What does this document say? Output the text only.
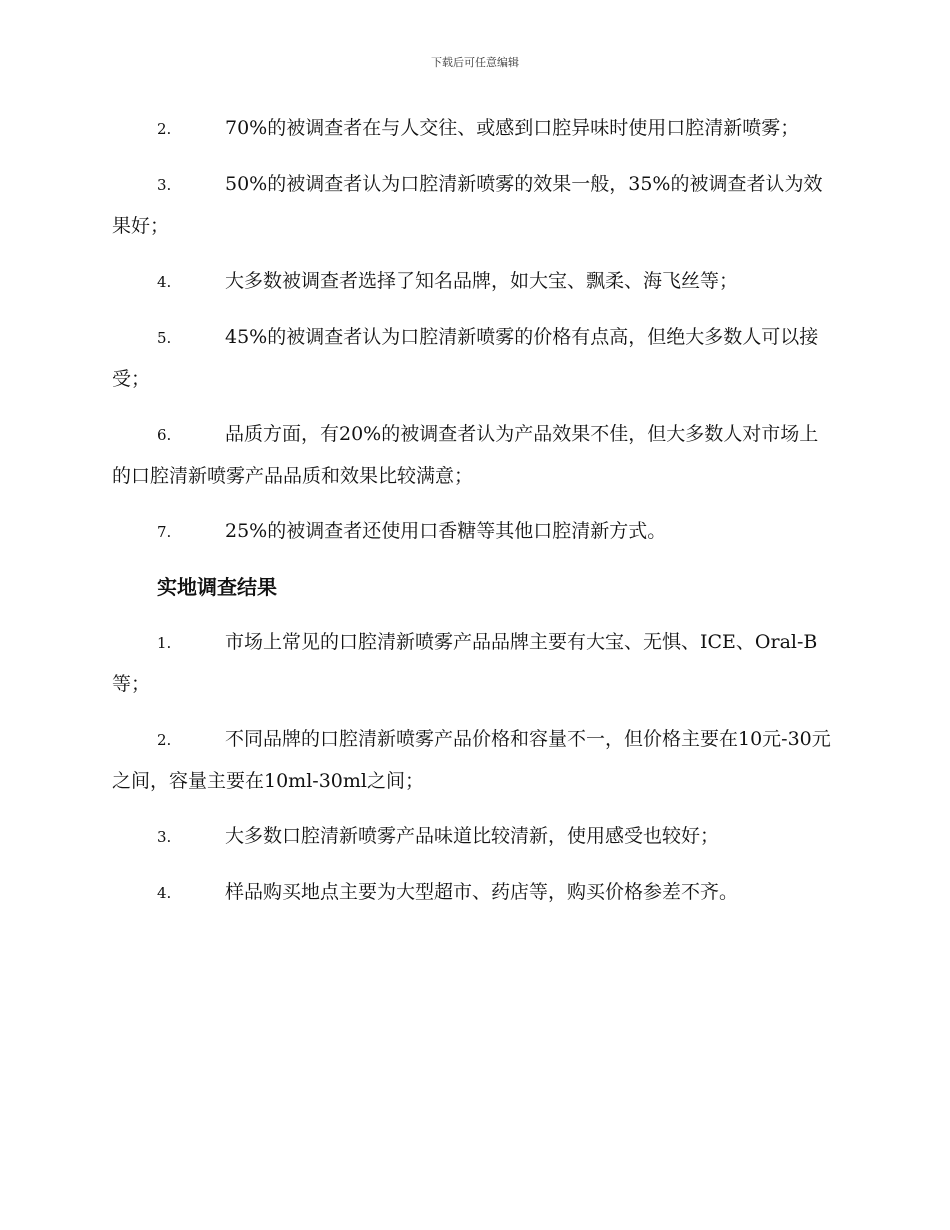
下载后可任意编辑
2.	70%的被调查者在与人交往、或感到口腔异味时使用口腔清新喷雾；
3.	50%的被调查者认为口腔清新喷雾的效果一般，35%的被调查者认为效果好；
4.	大多数被调查者选择了知名品牌，如大宝、飘柔、海飞丝等；
5.	45%的被调查者认为口腔清新喷雾的价格有点高，但绝大多数人可以接受；
6.	品质方面，有20%的被调查者认为产品效果不佳，但大多数人对市场上的口腔清新喷雾产品品质和效果比较满意；
7.	25%的被调查者还使用口香糖等其他口腔清新方式。
实地调查结果
1.	市场上常见的口腔清新喷雾产品品牌主要有大宝、无惧、ICE、Oral-B等；
2.	不同品牌的口腔清新喷雾产品价格和容量不一，但价格主要在10元-30元之间，容量主要在10ml-30ml之间；
3.	大多数口腔清新喷雾产品味道比较清新，使用感受也较好；
4.	样品购买地点主要为大型超市、药店等，购买价格参差不齐。
